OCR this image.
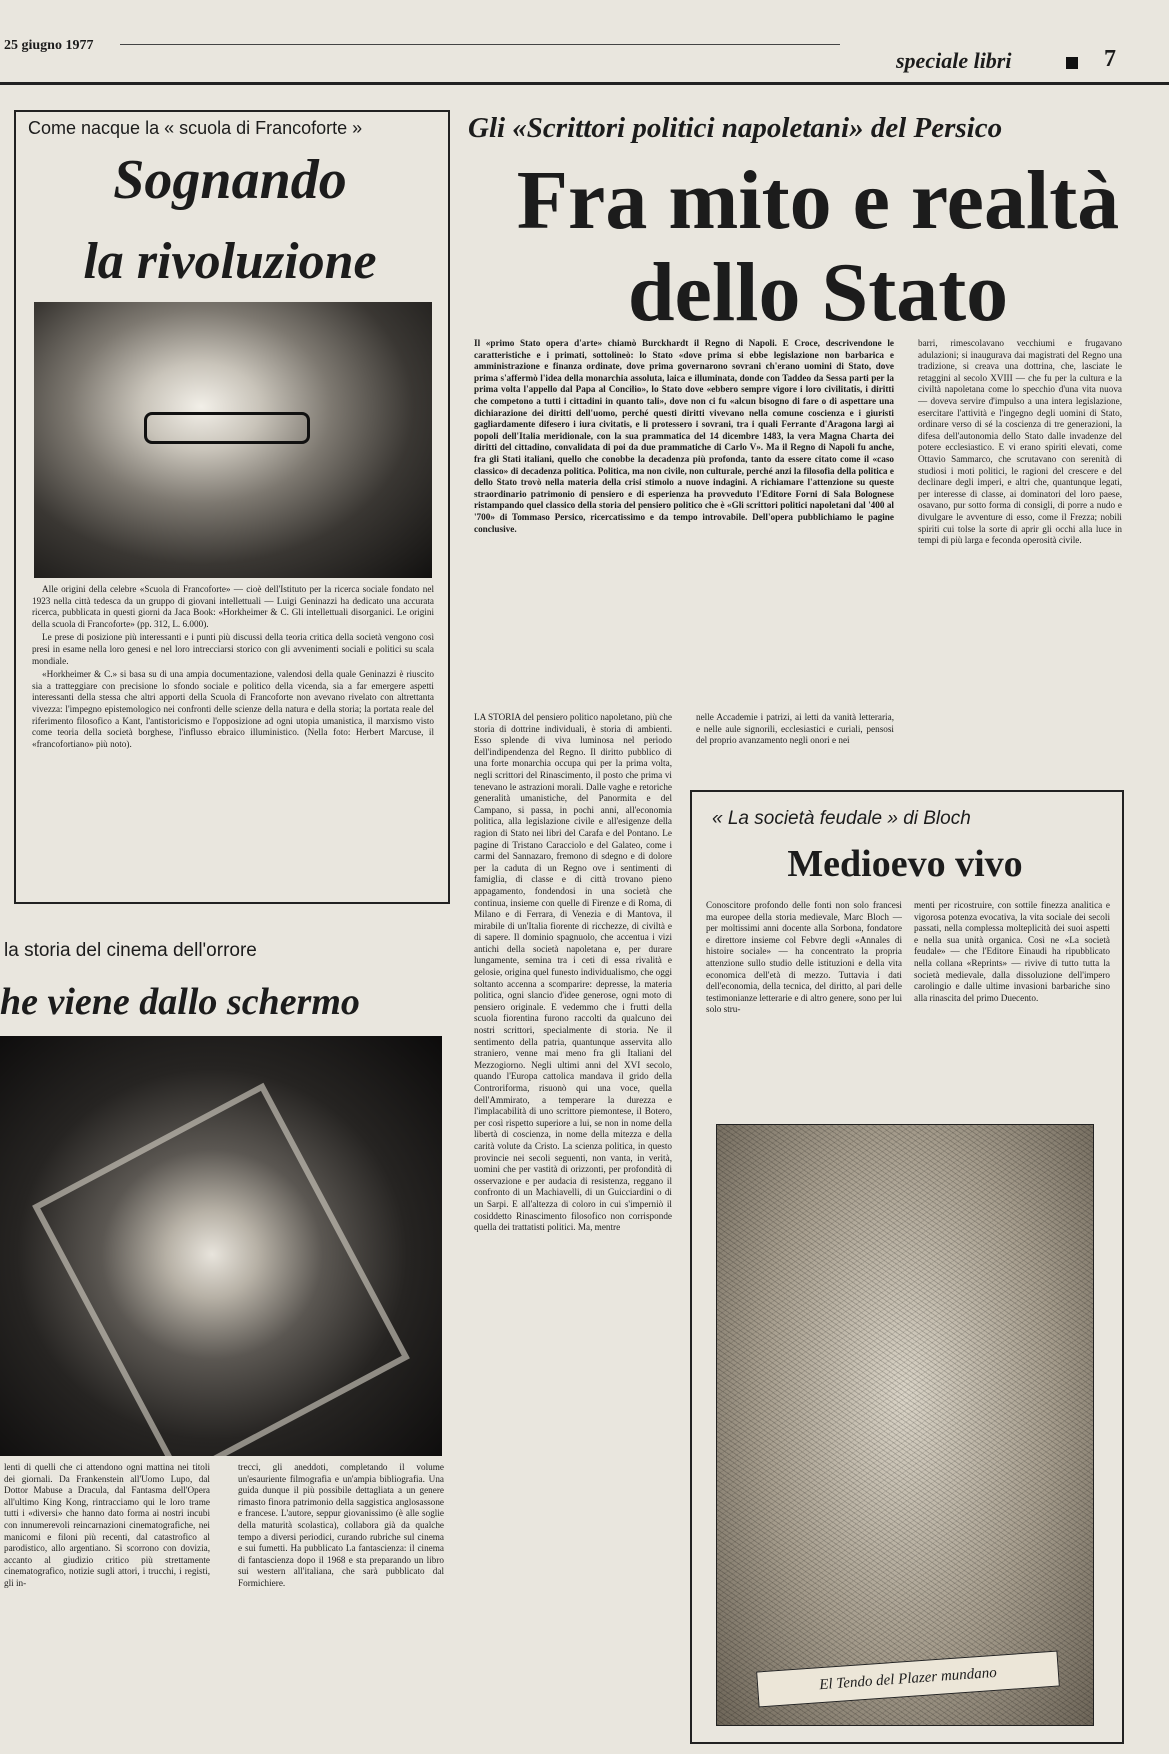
25 giugno 1977
speciale libri	7
Come nacque la « scuola di Francoforte »
Sognando
la rivoluzione

Alle origini della celebre «Scuola di Francoforte» — cioè dell'Istituto per la ricerca sociale fondato nel 1923 nella città tedesca da un gruppo di giovani intellettuali — Luigi Geninazzi ha dedicato una accurata ricerca, pubblicata in questi giorni da Jaca Book: «Horkheimer & C. Gli intellettuali disorganici. Le origini della scuola di Francoforte» (pp. 312, L. 6.000).

Le prese di posizione più interessanti e i punti più discussi della teoria critica della società vengono così presi in esame nella loro genesi e nel loro intrecciarsi storico con gli avvenimenti sociali e politici su scala mondiale.

«Horkheimer & C.» si basa su di una ampia documentazione, valendosi della quale Geninazzi è riuscito sia a tratteggiare con precisione lo sfondo sociale e politico della vicenda, sia a far emergere aspetti interessanti della stessa che altri apporti della Scuola di Francoforte non avevano rivelato con altrettanta vivezza: l'impegno epistemologico nei confronti delle scienze della natura e della storia; la portata reale del riferimento filosofico a Kant, l'antistoricismo e l'opposizione ad ogni utopia umanistica, il marxismo visto come teoria della società borghese, l'influsso ebraico illuministico. (Nella foto: Herbert Marcuse, il «francofortiano» più noto).

la storia del cinema dell'orrore
he viene dallo schermo
lenti di quelli che ci attendono ogni mattina nei titoli dei giornali. Da Frankenstein all'Uomo Lupo, dal Dottor Mabuse a Dracula, dal Fantasma dell'Opera all'ultimo King Kong, rintracciamo qui le loro trame tutti i «diversi» che hanno dato forma ai nostri incubi con innumerevoli reincarnazioni cinematografiche, nei manicomi e filoni più recenti, dal catastrofico al parodistico, allo argentiano. Si scorrono con dovizia, accanto al giudizio critico più strettamente cinematografico, notizie sugli attori, i trucchi, i registi, gli in-
trecci, gli aneddoti, completando il volume un'esauriente filmografia e un'ampia bibliografia. Una guida dunque il più possibile dettagliata a un genere rimasto finora patrimonio della saggistica anglosassone e francese. L'autore, seppur giovanissimo (è alle soglie della maturità scolastica), collabora già da qualche tempo a diversi periodici, curando rubriche sul cinema e sui fumetti. Ha pubblicato La fantascienza: il cinema di fantascienza dopo il 1968 e sta preparando un libro sui western all'italiana, che sarà pubblicato dal Formichiere.
Gli «Scrittori politici napoletani» del Persico
Fra mito e realtà
dello Stato
Il «primo Stato opera d'arte» chiamò Burckhardt il Regno di Napoli. E Croce, descrivendone le caratteristiche e i primati, sottolineò: lo Stato «dove prima si ebbe legislazione non barbarica e amministrazione e finanza ordinate, dove prima governarono sovrani ch'erano uomini di Stato, dove prima s'affermò l'idea della monarchia assoluta, laica e illuminata, donde con Taddeo da Sessa parti per la prima volta l'appello dal Papa al Concilio», lo Stato dove «ebbero sempre vigore i loro civilitatis, i diritti che competono a tutti i cittadini in quanto tali», dove non ci fu «alcun bisogno di fare o di aspettare una dichiarazione dei diritti dell'uomo, perché questi diritti vivevano nella comune coscienza e i giuristi gagliardamente difesero i iura civitatis, e li protessero i sovrani, tra i quali Ferrante d'Aragona largì ai popoli dell'Italia meridionale, con la sua prammatica del 14 dicembre 1483, la vera Magna Charta dei diritti del cittadino, convalidata di poi da due prammatiche di Carlo V». Ma il Regno di Napoli fu anche, fra gli Stati italiani, quello che conobbe la decadenza più profonda, tanto da essere citato come il «caso classico» di decadenza politica. Politica, ma non civile, non culturale, perché anzi la filosofia della politica e dello Stato trovò nella materia della crisi stimolo a nuove indagini. A richiamare l'attenzione su queste straordinario patrimonio di pensiero e di esperienza ha provveduto l'Editore Forni di Sala Bolognese ristampando quel classico della storia del pensiero politico che è «Gli scrittori politici napoletani dal '400 al '700» di Tommaso Persico, ricercatissimo e da tempo introvabile. Dell'opera pubblichiamo le pagine conclusive.
barri, rimescolavano vecchiumi e frugavano adulazioni; si inaugurava dai magistrati del Regno una tradizione, si creava una dottrina, che, lasciate le retaggini al secolo XVIII — che fu per la cultura e la civiltà napoletana come lo specchio d'una vita nuova — doveva servire d'impulso a una intera legislazione, esercitare l'attività e l'ingegno degli uomini di Stato, ordinare verso di sé la coscienza di tre generazioni, la difesa dell'autonomia dello Stato dalle invadenze del potere ecclesiastico. E vi erano spiriti elevati, come Ottavio Sammarco, che scrutavano con serenità di studiosi i moti politici, le ragioni del crescere e del declinare degli imperi, e altri che, quantunque legati, per interesse di classe, ai dominatori del loro paese, osavano, pur sotto forma di consigli, di porre a nudo e divulgare le avventure di esso, come il Frezza; nobili spiriti cui tolse la sorte di aprir gli occhi alla luce in tempi di più larga e feconda operosità civile.
LA STORIA del pensiero politico napoletano, più che storia di dottrine individuali, è storia di ambienti. Esso splende di viva luminosa nel periodo dell'indipendenza del Regno. Il diritto pubblico di una forte monarchia occupa qui per la prima volta, negli scrittori del Rinascimento, il posto che prima vi tenevano le astrazioni morali. Dalle vaghe e retoriche generalità umanistiche, del Panormita e del Campano, si passa, in pochi anni, all'economia politica, alla legislazione civile e all'esigenze della ragion di Stato nei libri del Carafa e del Pontano. Le pagine di Tristano Caracciolo e del Galateo, come i carmi del Sannazaro, fremono di sdegno e di dolore per la caduta di un Regno ove i sentimenti di famiglia, di classe e di città trovano pieno appagamento, fondendosi in una società che continua, insieme con quelle di Firenze e di Roma, di Milano e di Ferrara, di Venezia e di Mantova, il mirabile di un'Italia fiorente di ricchezze, di civiltà e di sapere. Il dominio spagnuolo, che accentua i vizi antichi della società napoletana e, per durare lungamente, semina tra i ceti di essa rivalità e gelosie, origina quel funesto individualismo, che oggi soltanto accenna a scomparire: depresse, la materia politica, ogni slancio d'idee generose, ogni moto di pensiero originale. E vedemmo che i frutti della scuola fiorentina furono raccolti da qualcuno dei nostri scrittori, specialmente di storia. Ne il sentimento della patria, quantunque asservita allo straniero, venne mai meno fra gli Italiani del Mezzogiorno. Negli ultimi anni del XVI secolo, quando l'Europa cattolica mandava il grido della Controriforma, risuonò qui una voce, quella dell'Ammirato, a temperare la durezza e l'implacabilità di uno scrittore piemontese, il Botero, per così rispetto superiore a lui, se non in nome della libertà di coscienza, in nome della mitezza e della carità volute da Cristo. La scienza politica, in questo provincie nei secoli seguenti, non vanta, in verità, uomini che per vastità di orizzonti, per profondità di osservazione e per audacia di resistenza, reggano il confronto di un Machiavelli, di un Guicciardini o di un Sarpi. E all'altezza di coloro in cui s'imperniò il cosiddetto Rinascimento filosofico non corrisponde quella dei trattatisti politici. Ma, mentre
nelle Accademie i patrizi, ai letti da vanità letteraria, e nelle aule signorili, ecclesiastici e curiali, pensosi del proprio avanzamento negli onori e nei
« La società feudale » di Bloch
Medioevo vivo
Conoscitore profondo delle fonti non solo francesi ma europee della storia medievale, Marc Bloch — per moltissimi anni docente alla Sorbona, fondatore e direttore insieme col Febvre degli «Annales di histoire sociale» — ha concentrato la propria attenzione sullo studio delle istituzioni e della vita economica dell'età di mezzo. Tuttavia i dati dell'economia, della tecnica, del diritto, al pari delle testimonianze letterarie e di altro genere, sono per lui solo stru-
menti per ricostruire, con sottile finezza analitica e vigorosa potenza evocativa, la vita sociale dei secoli passati, nella complessa molteplicità dei suoi aspetti e nella sua unità organica. Così ne «La società feudale» — che l'Editore Einaudi ha ripubblicato nella collana «Reprints» — rivive di tutto tutta la società medievale, dalla dissoluzione dell'impero carolingio e dalle ultime invasioni barbariche sino alla rinascita del primo Duecento.
El Tendo del Plazer mundano
